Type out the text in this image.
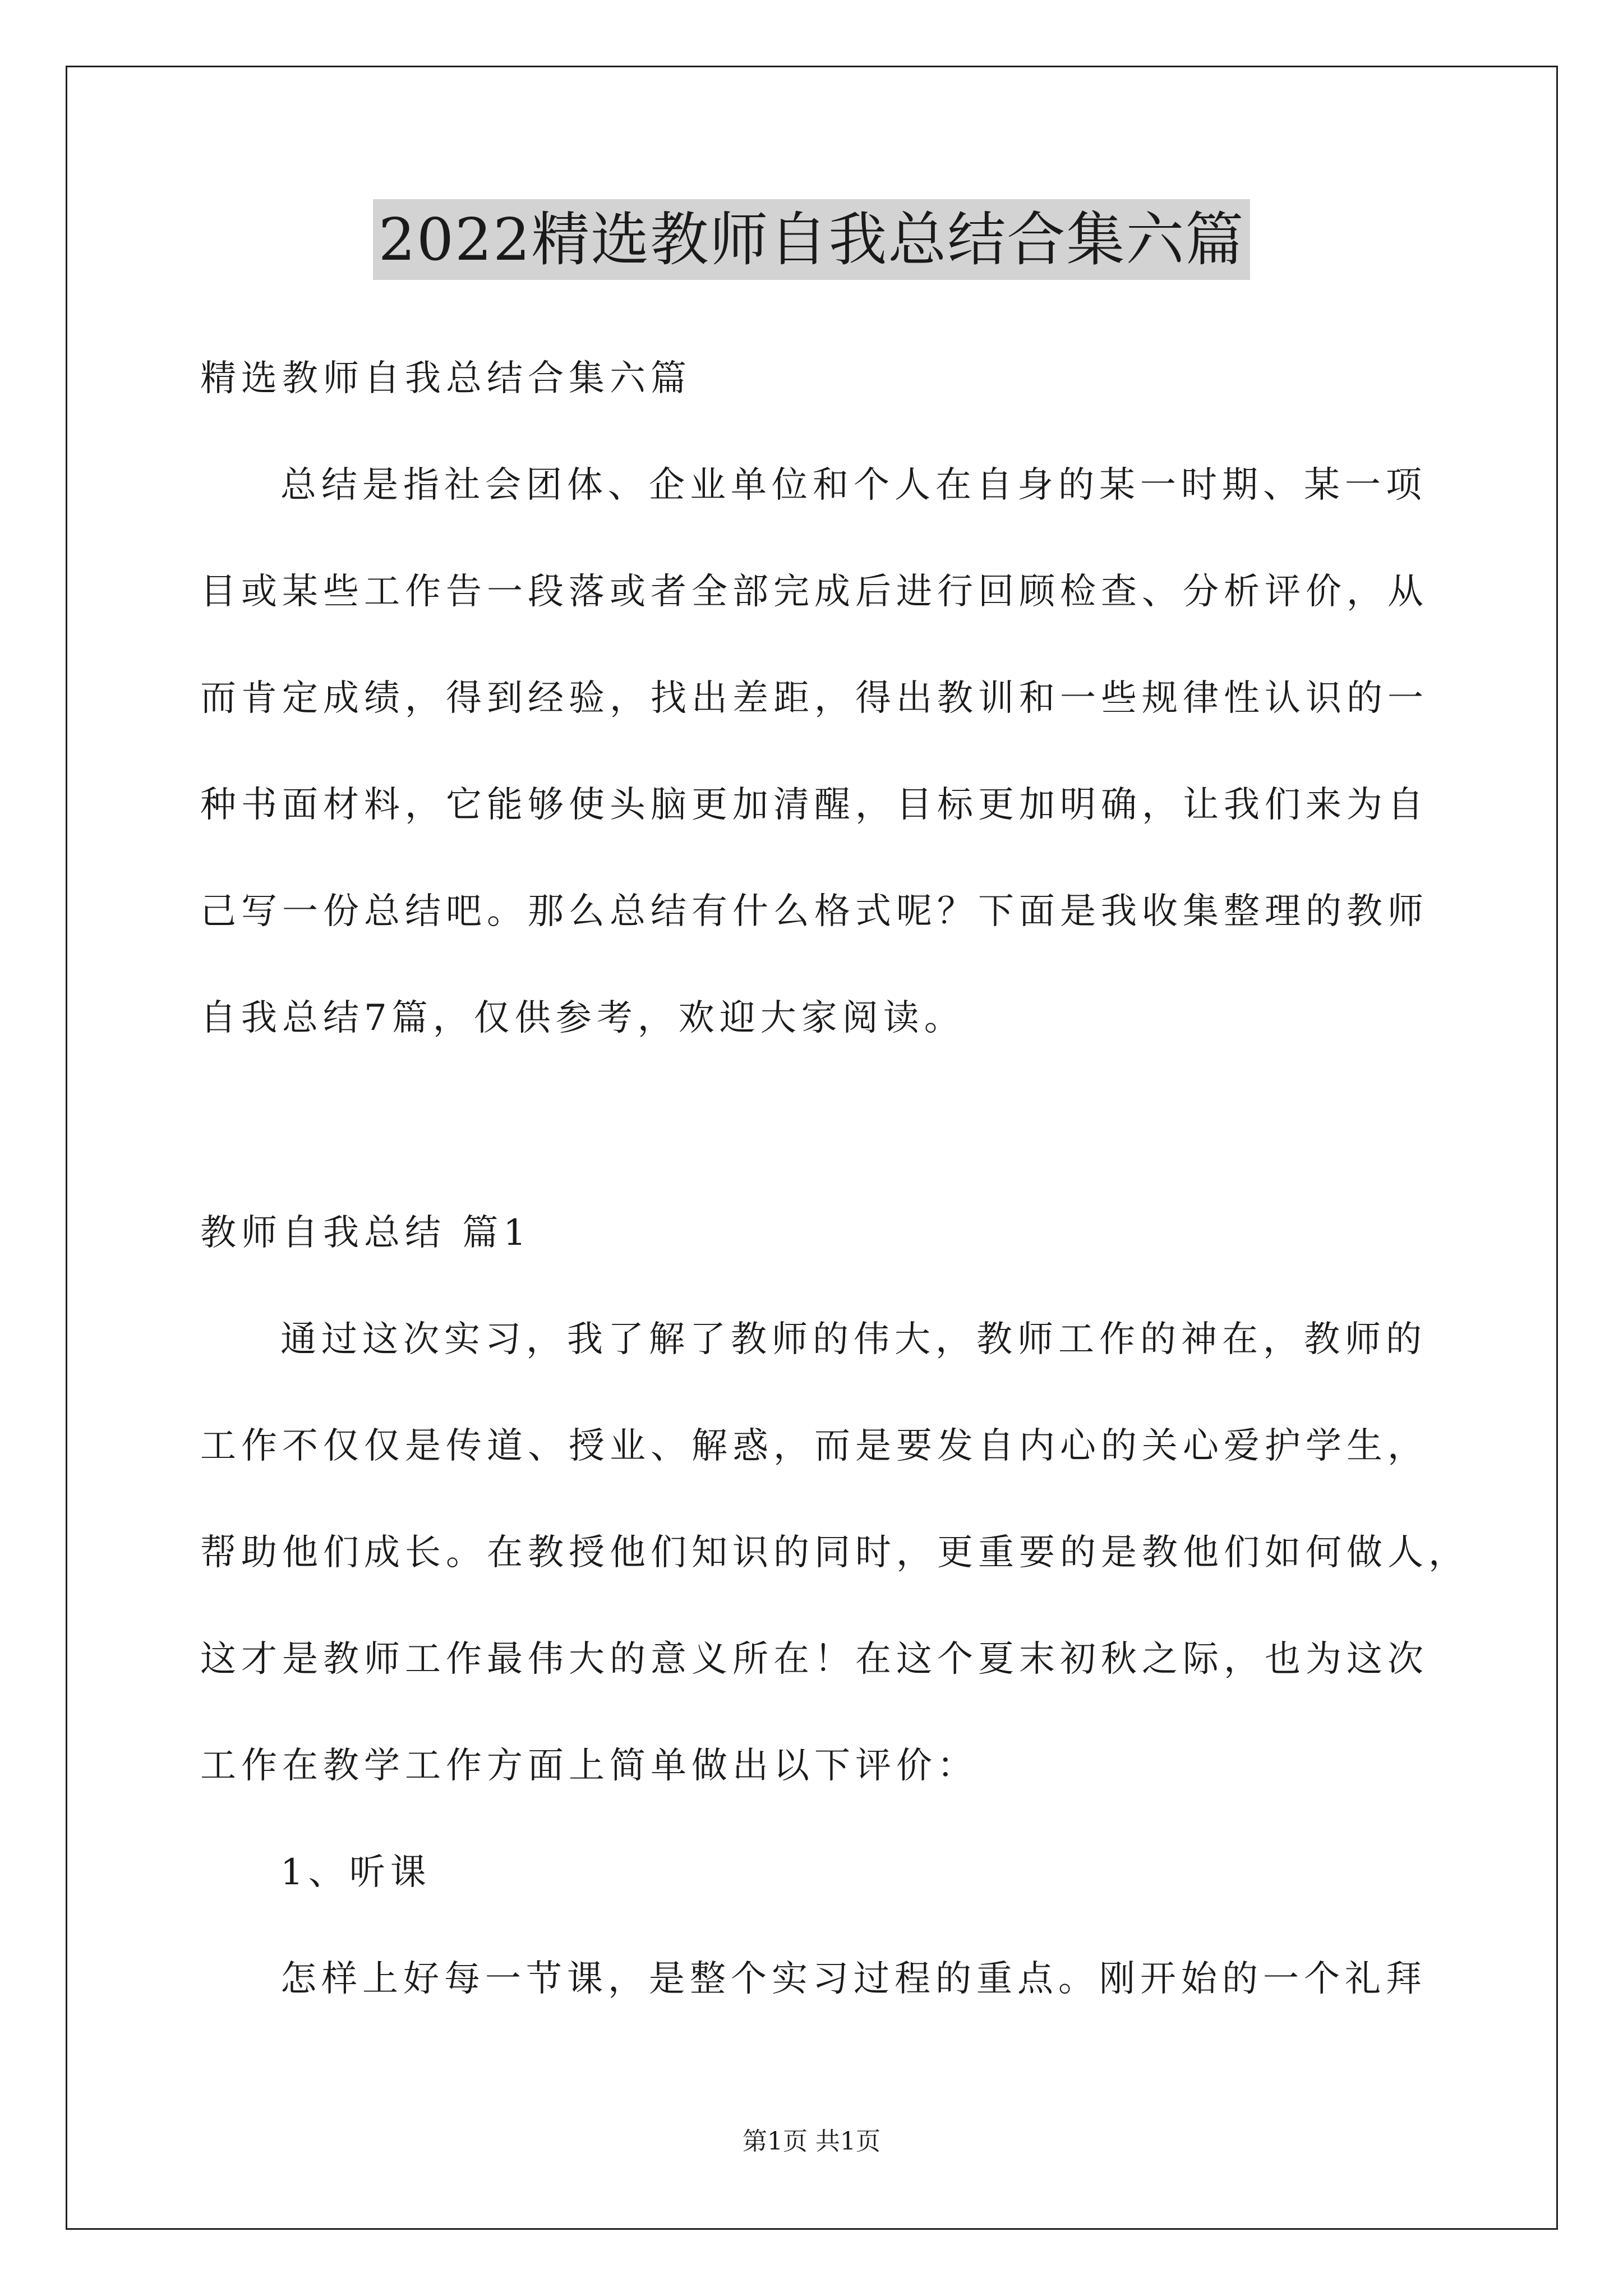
2022精选教师自我总结合集六篇
精选教师自我总结合集六篇
总结是指社会团体、企业单位和个人在自身的某一时期、某一项
目或某些工作告一段落或者全部完成后进行回顾检查、分析评价，从
而肯定成绩，得到经验，找出差距，得出教训和一些规律性认识的一
种书面材料，它能够使头脑更加清醒，目标更加明确，让我们来为自
己写一份总结吧。那么总结有什么格式呢？下面是我收集整理的教师
自我总结7篇，仅供参考，欢迎大家阅读。
教师自我总结 篇1
通过这次实习，我了解了教师的伟大，教师工作的神在，教师的
工作不仅仅是传道、授业、解惑，而是要发自内心的关心爱护学生，
帮助他们成长。在教授他们知识的同时，更重要的是教他们如何做人，
这才是教师工作最伟大的意义所在！在这个夏末初秋之际，也为这次
工作在教学工作方面上简单做出以下评价：
1、听课
怎样上好每一节课，是整个实习过程的重点。刚开始的一个礼拜
第1页 共1页
